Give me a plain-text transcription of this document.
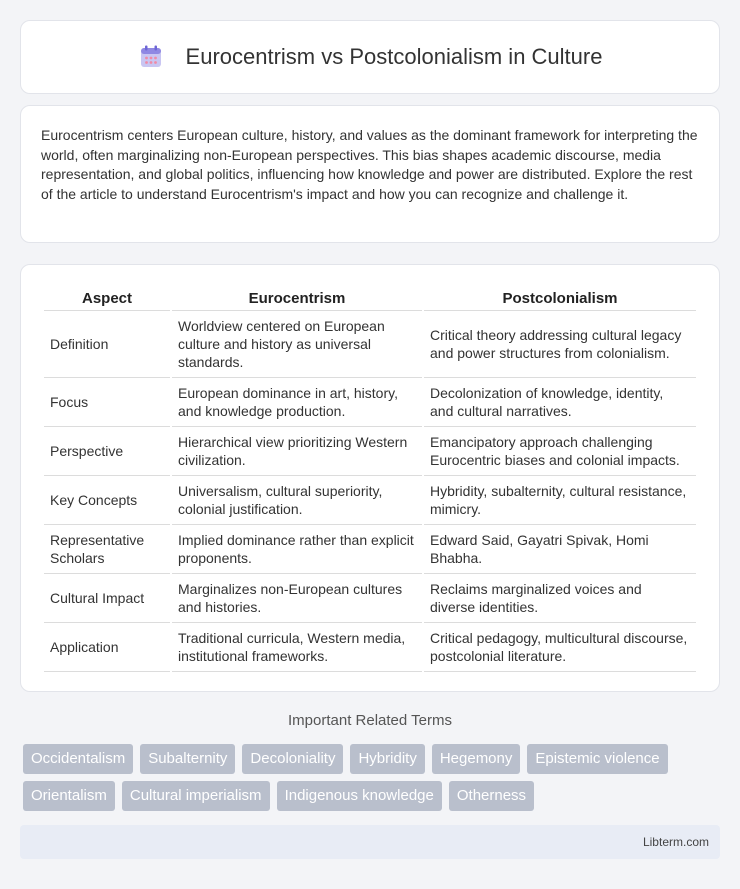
Eurocentrism vs Postcolonialism in Culture

Eurocentrism centers European culture, history, and values as the dominant framework for interpreting the world, often marginalizing non-European perspectives. This bias shapes academic discourse, media representation, and global politics, influencing how knowledge and power are distributed. Explore the rest of the article to understand Eurocentrism's impact and how you can recognize and challenge it.

Aspect	Eurocentrism	Postcolonialism
Definition	Worldview centered on European culture and history as universal standards.	Critical theory addressing cultural legacy and power structures from colonialism.
Focus	European dominance in art, history, and knowledge production.	Decolonization of knowledge, identity, and cultural narratives.
Perspective	Hierarchical view prioritizing Western civilization.	Emancipatory approach challenging Eurocentric biases and colonial impacts.
Key Concepts	Universalism, cultural superiority, colonial justification.	Hybridity, subalternity, cultural resistance, mimicry.
Representative Scholars	Implied dominance rather than explicit proponents.	Edward Said, Gayatri Spivak, Homi Bhabha.
Cultural Impact	Marginalizes non-European cultures and histories.	Reclaims marginalized voices and diverse identities.
Application	Traditional curricula, Western media, institutional frameworks.	Critical pedagogy, multicultural discourse, postcolonial literature.
Important Related Terms
Occidentalism	Subalternity	Decoloniality	Hybridity	Hegemony	Epistemic violence
Orientalism	Cultural imperialism	Indigenous knowledge	Otherness
Libterm.com
